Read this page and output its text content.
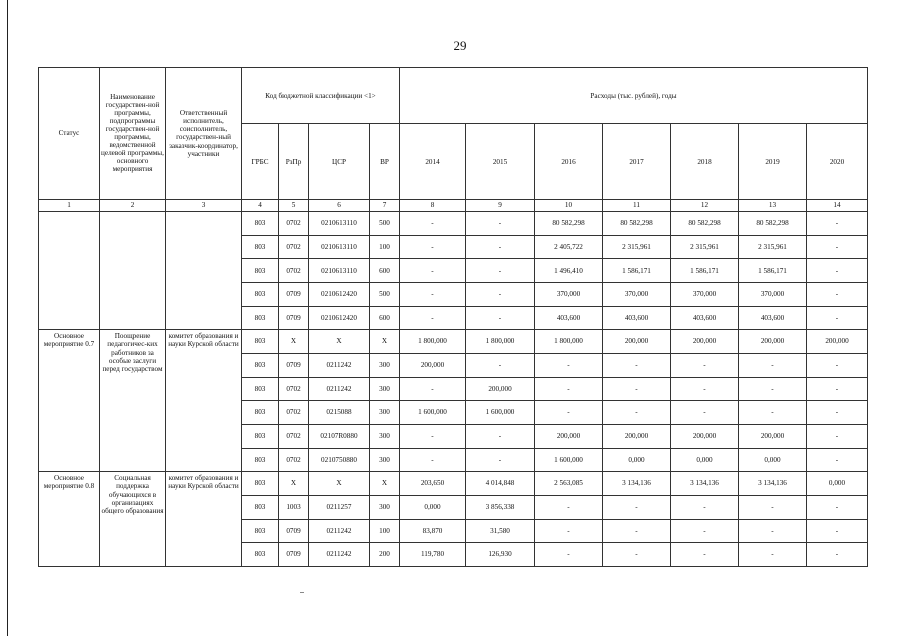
29
Статус	Наименование государствен-ной программы, подпрограммы государствен-ной программы, ведомственной целевой программы, основного мероприятия	Ответственный исполнитель, соисполнитель, государствен-ный заказчик-координатор, участники	Код бюджетной классификации <1>				Расходы (тыс. рублей), годы						
			ГРБС	РзПр	ЦСР	ВР	2014	2015	2016	2017	2018	2019	2020
1	2	3	4	5	6	7	8	9	10	11	12	13	14
			803	0702	0210613110	500	-	-	80 582,298	80 582,298	80 582,298	80 582,298	-
			803	0702	0210613110	100	-	-	2 405,722	2 315,961	2 315,961	2 315,961	-
			803	0702	0210613110	600	-	-	1 496,410	1 586,171	1 586,171	1 586,171	-
			803	0709	0210612420	500	-	-	370,000	370,000	370,000	370,000	-
			803	0709	0210612420	600	-	-	403,600	403,600	403,600	403,600	-
Основное мероприятие 0.7	Поощрение педагогичес-ких работников за особые заслуги перед государством	комитет образования и науки Курской области	803	X	X	X	1 800,000	1 800,000	1 800,000	200,000	200,000	200,000	200,000
			803	0709	0211242	300	200,000	-	-	-	-	-	-
			803	0702	0211242	300	-	200,000	-	-	-	-	-
			803	0702	0215088	300	1 600,000	1 600,000	-	-	-	-	-
			803	0702	02107R0880	300	-	-	200,000	200,000	200,000	200,000	-
			803	0702	0210750880	300	-	-	1 600,000	0,000	0,000	0,000	-
Основное мероприятие 0.8	Социальная поддержка обучающихся в организациях общего образования	комитет образования и науки Курской области	803	X	X	X	203,650	4 014,848	2 563,085	3 134,136	3 134,136	3 134,136	0,000
			803	1003	0211257	300	0,000	3 856,338	-	-	-	-	-
			803	0709	0211242	100	83,870	31,580	-	-	-	-	-
			803	0709	0211242	200	119,780	126,930	-	-	-	-	-
